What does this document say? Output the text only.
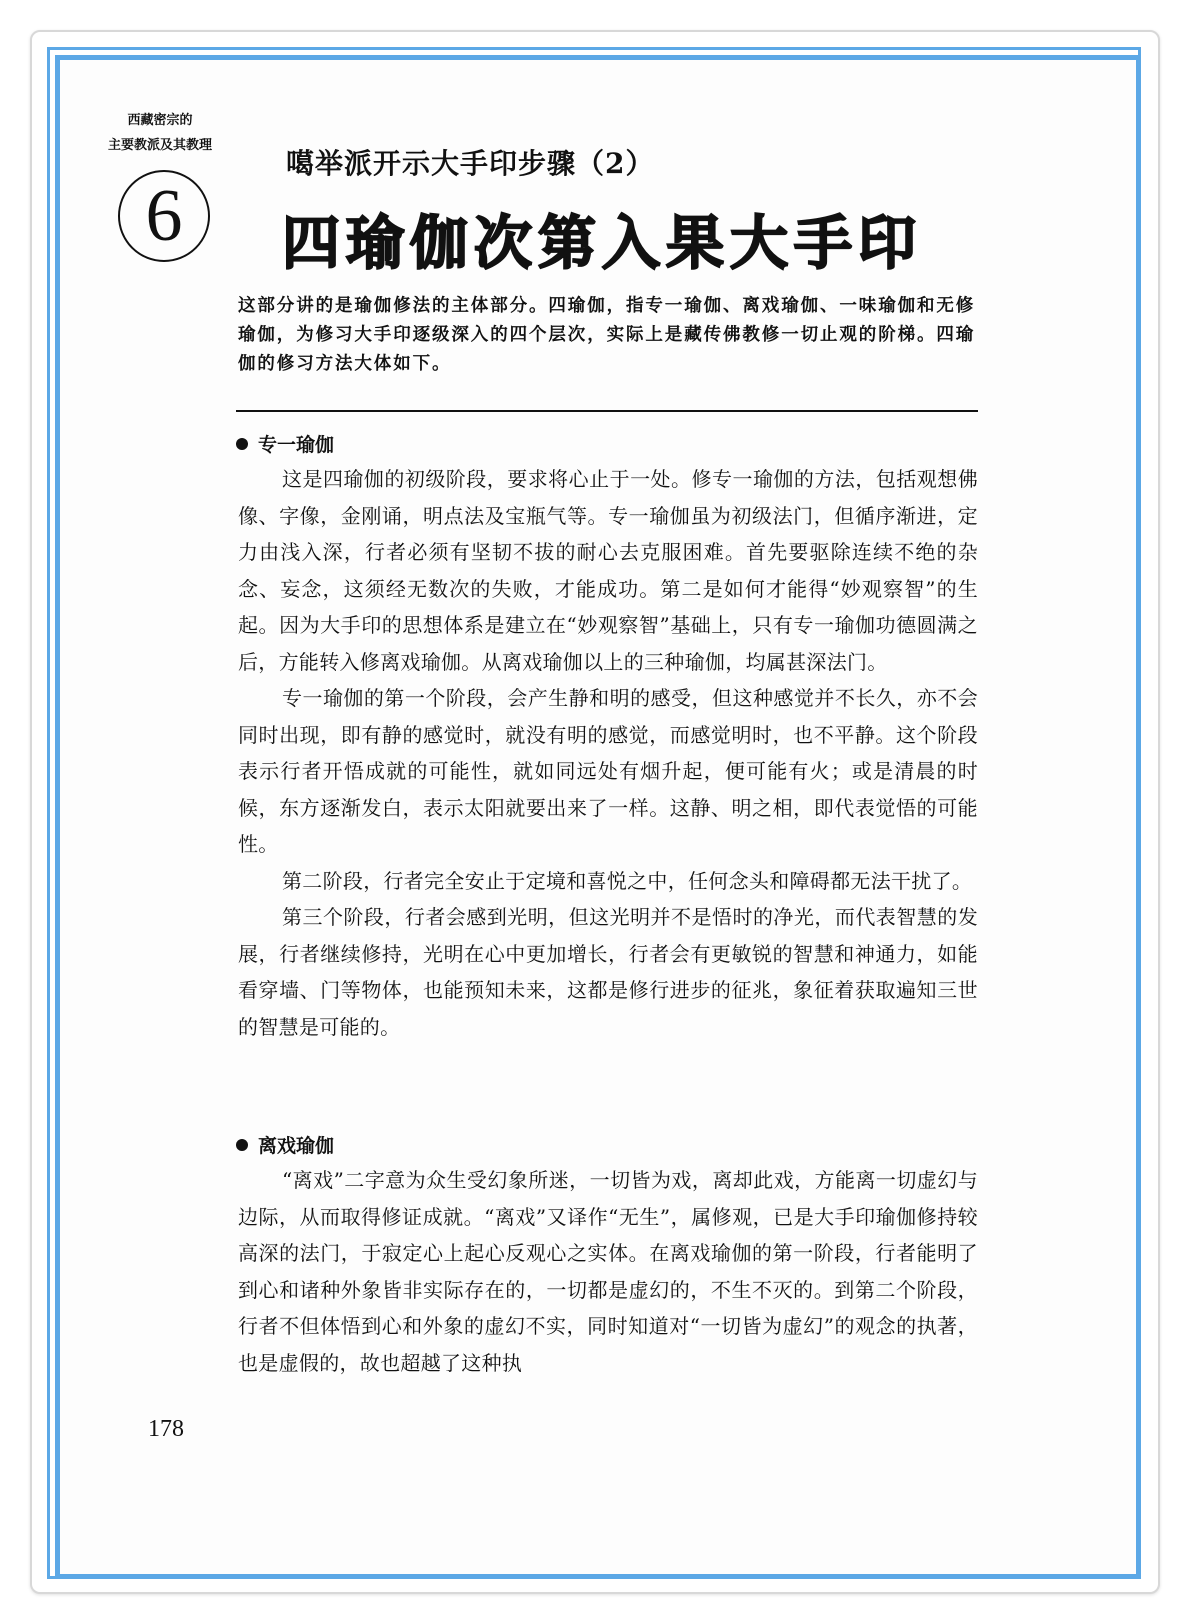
西藏密宗的
主要教派及其教理
6
噶举派开示大手印步骤（2）
四瑜伽次第入果大手印
这部分讲的是瑜伽修法的主体部分。四瑜伽，指专一瑜伽、离戏瑜伽、一味瑜伽和无修瑜伽，为修习大手印逐级深入的四个层次，实际上是藏传佛教修一切止观的阶梯。四瑜伽的修习方法大体如下。
专一瑜伽

这是四瑜伽的初级阶段，要求将心止于一处。修专一瑜伽的方法，包括观想佛像、字像，金刚诵，明点法及宝瓶气等。专一瑜伽虽为初级法门，但循序渐进，定力由浅入深，行者必须有坚韧不拔的耐心去克服困难。首先要驱除连续不绝的杂念、妄念，这须经无数次的失败，才能成功。第二是如何才能得“妙观察智”的生起。因为大手印的思想体系是建立在“妙观察智”基础上，只有专一瑜伽功德圆满之后，方能转入修离戏瑜伽。从离戏瑜伽以上的三种瑜伽，均属甚深法门。

专一瑜伽的第一个阶段，会产生静和明的感受，但这种感觉并不长久，亦不会同时出现，即有静的感觉时，就没有明的感觉，而感觉明时，也不平静。这个阶段表示行者开悟成就的可能性，就如同远处有烟升起，便可能有火；或是清晨的时候，东方逐渐发白，表示太阳就要出来了一样。这静、明之相，即代表觉悟的可能性。

第二阶段，行者完全安止于定境和喜悦之中，任何念头和障碍都无法干扰了。

第三个阶段，行者会感到光明，但这光明并不是悟时的净光，而代表智慧的发展，行者继续修持，光明在心中更加增长，行者会有更敏锐的智慧和神通力，如能看穿墙、门等物体，也能预知未来，这都是修行进步的征兆，象征着获取遍知三世的智慧是可能的。

离戏瑜伽

“离戏”二字意为众生受幻象所迷，一切皆为戏，离却此戏，方能离一切虚幻与边际，从而取得修证成就。“离戏”又译作“无生”，属修观，已是大手印瑜伽修持较高深的法门，于寂定心上起心反观心之实体。在离戏瑜伽的第一阶段，行者能明了到心和诸种外象皆非实际存在的，一切都是虚幻的，不生不灭的。到第二个阶段，行者不但体悟到心和外象的虚幻不实，同时知道对“一切皆为虚幻”的观念的执著，也是虚假的，故也超越了这种执

178
